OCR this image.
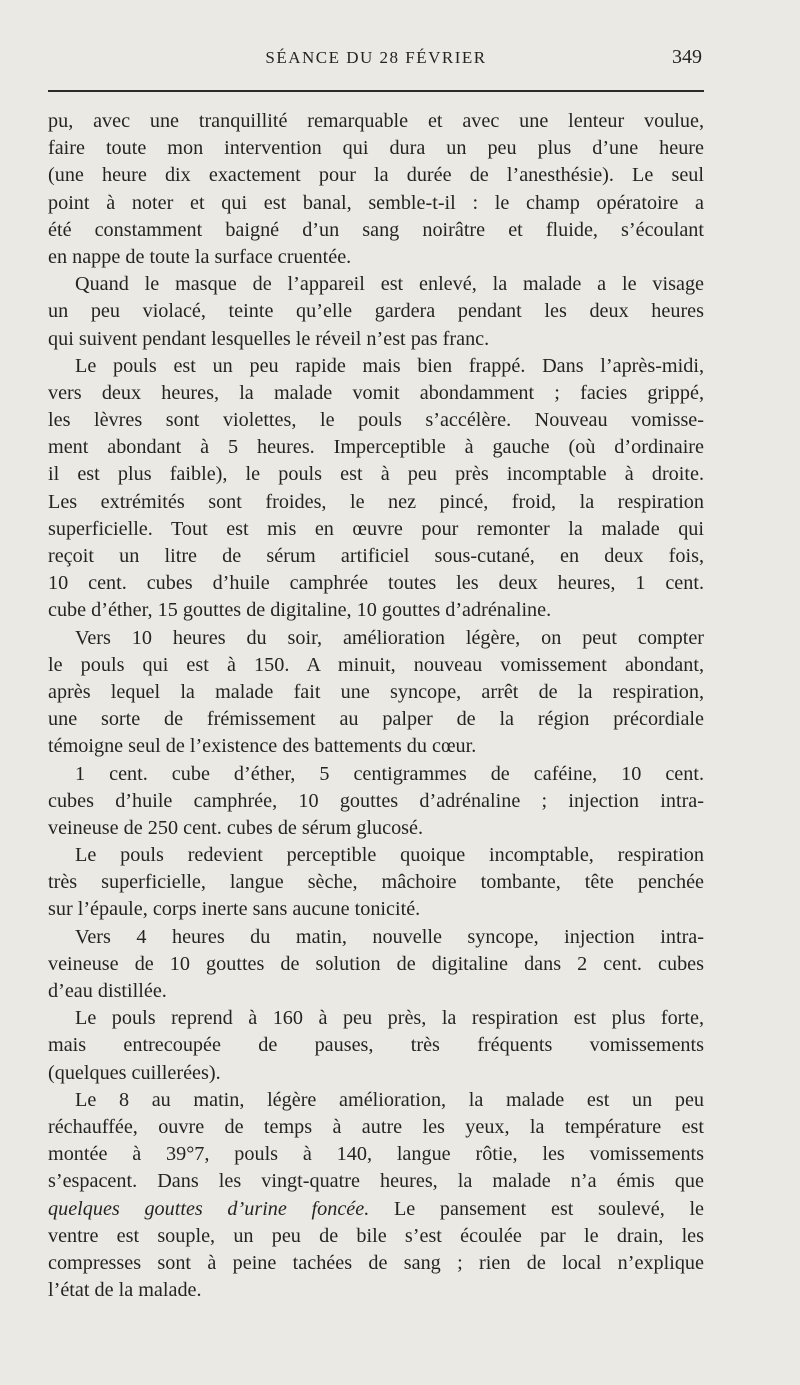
SÉANCE DU 28 FÉVRIER	349
pu, avec une tranquillité remarquable et avec une lenteur voulue,
faire toute mon intervention qui dura un peu plus d’une heure
(une heure dix exactement pour la durée de l’anesthésie). Le seul
point à noter et qui est banal, semble-t-il : le champ opératoire a
été constamment baigné d’un sang noirâtre et fluide, s’écoulant
en nappe de toute la surface cruentée.
Quand le masque de l’appareil est enlevé, la malade a le visage
un peu violacé, teinte qu’elle gardera pendant les deux heures
qui suivent pendant lesquelles le réveil n’est pas franc.
Le pouls est un peu rapide mais bien frappé. Dans l’après-midi,
vers deux heures, la malade vomit abondamment ; facies grippé,
les lèvres sont violettes, le pouls s’accélère. Nouveau vomisse-
ment abondant à 5 heures. Imperceptible à gauche (où d’ordinaire
il est plus faible), le pouls est à peu près incomptable à droite.
Les extrémités sont froides, le nez pincé, froid, la respiration
superficielle. Tout est mis en œuvre pour remonter la malade qui
reçoit un litre de sérum artificiel sous-cutané, en deux fois,
10 cent. cubes d’huile camphrée toutes les deux heures, 1 cent.
cube d’éther, 15 gouttes de digitaline, 10 gouttes d’adrénaline.
Vers 10 heures du soir, amélioration légère, on peut compter
le pouls qui est à 150. A minuit, nouveau vomissement abondant,
après lequel la malade fait une syncope, arrêt de la respiration,
une sorte de frémissement au palper de la région précordiale
témoigne seul de l’existence des battements du cœur.
1 cent. cube d’éther, 5 centigrammes de caféine, 10 cent.
cubes d’huile camphrée, 10 gouttes d’adrénaline ; injection intra-
veineuse de 250 cent. cubes de sérum glucosé.
Le pouls redevient perceptible quoique incomptable, respiration
très superficielle, langue sèche, mâchoire tombante, tête penchée
sur l’épaule, corps inerte sans aucune tonicité.
Vers 4 heures du matin, nouvelle syncope, injection intra-
veineuse de 10 gouttes de solution de digitaline dans 2 cent. cubes
d’eau distillée.
Le pouls reprend à 160 à peu près, la respiration est plus forte,
mais entrecoupée de pauses, très fréquents vomissements
(quelques cuillerées).
Le 8 au matin, légère amélioration, la malade est un peu
réchauffée, ouvre de temps à autre les yeux, la température est
montée à 39°7, pouls à 140, langue rôtie, les vomissements
s’espacent. Dans les vingt-quatre heures, la malade n’a émis que
quelques gouttes d’urine foncée. Le pansement est soulevé, le
ventre est souple, un peu de bile s’est écoulée par le drain, les
compresses sont à peine tachées de sang ; rien de local n’explique
l’état de la malade.
